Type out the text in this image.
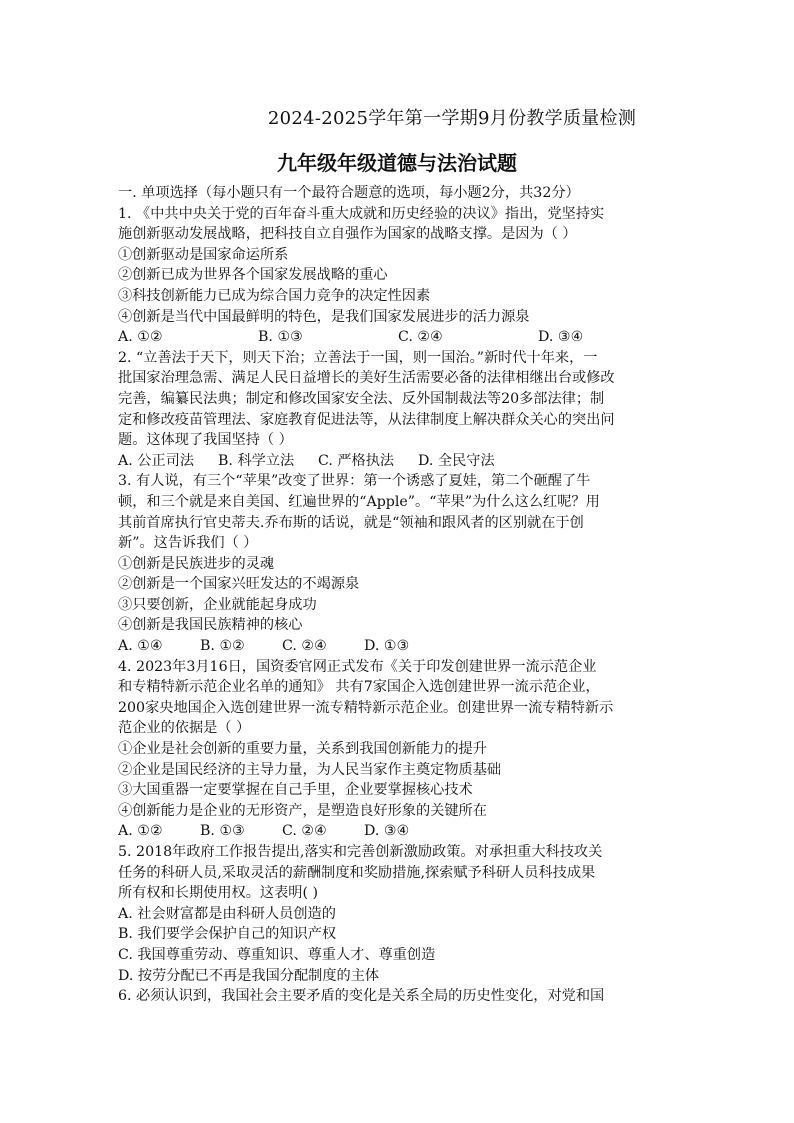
2024-2025学年第一学期9月份教学质量检测
九年级年级道德与法治试题
一. 单项选择（每小题只有一个最符合题意的选项，每小题2分，共32分）
1. 《中共中央关于党的百年奋斗重大成就和历史经验的决议》指出，党坚持实
施创新驱动发展战略，把科技自立自强作为国家的战略支撑。是因为（ ）
①创新驱动是国家命运所系
②创新已成为世界各个国家发展战略的重心
③科技创新能力已成为综合国力竞争的决定性因素
④创新是当代中国最鲜明的特色，是我们国家发展进步的活力源泉
A. ①②	B. ①③	C. ②④	D. ③④
2. “立善法于天下，则天下治；立善法于一国，则一国治。”新时代十年来，一
批国家治理急需、满足人民日益增长的美好生活需要必备的法律相继出台或修改
完善，编纂民法典；制定和修改国家安全法、反外国制裁法等20多部法律；制
定和修改疫苗管理法、家庭教育促进法等，从法律制度上解决群众关心的突出问
题。这体现了我国坚持（ ）
A. 公正司法	B. 科学立法	C. 严格执法	D. 全民守法
3. 有人说，有三个“苹果”改变了世界：第一个诱惑了夏娃，第二个砸醒了牛
顿，和三个就是来自美国、红遍世界的“Apple”。“苹果”为什么这么红呢？用
其前首席执行官史蒂夫.乔布斯的话说，就是“领袖和跟风者的区别就在于创
新”。这告诉我们（ ）
①创新是民族进步的灵魂
②创新是一个国家兴旺发达的不竭源泉
③只要创新，企业就能起身成功
④创新是我国民族精神的核心
A. ①④	B. ①②	C. ②④	D. ①③
4. 2023年3月16日，国资委官网正式发布《关于印发创建世界一流示范企业
和专精特新示范企业名单的通知》 共有7家国企入选创建世界一流示范企业，
200家央地国企入选创建世界一流专精特新示范企业。创建世界一流专精特新示
范企业的依据是（ ）
①企业是社会创新的重要力量，关系到我国创新能力的提升
②企业是国民经济的主导力量，为人民当家作主奠定物质基础
③大国重器一定要掌握在自己手里，企业要掌握核心技术
④创新能力是企业的无形资产，是塑造良好形象的关键所在
A. ①②	B. ①③	C. ②④	D. ③④
5. 2018年政府工作报告提出,落实和完善创新激励政策。对承担重大科技攻关
任务的科研人员,采取灵活的薪酬制度和奖励措施,探索赋予科研人员科技成果
所有权和长期使用权。这表明( )
A. 社会财富都是由科研人员创造的
B. 我们要学会保护自己的知识产权
C. 我国尊重劳动、尊重知识、尊重人才、尊重创造
D. 按劳分配已不再是我国分配制度的主体
6. 必须认识到，我国社会主要矛盾的变化是关系全局的历史性变化，对党和国
